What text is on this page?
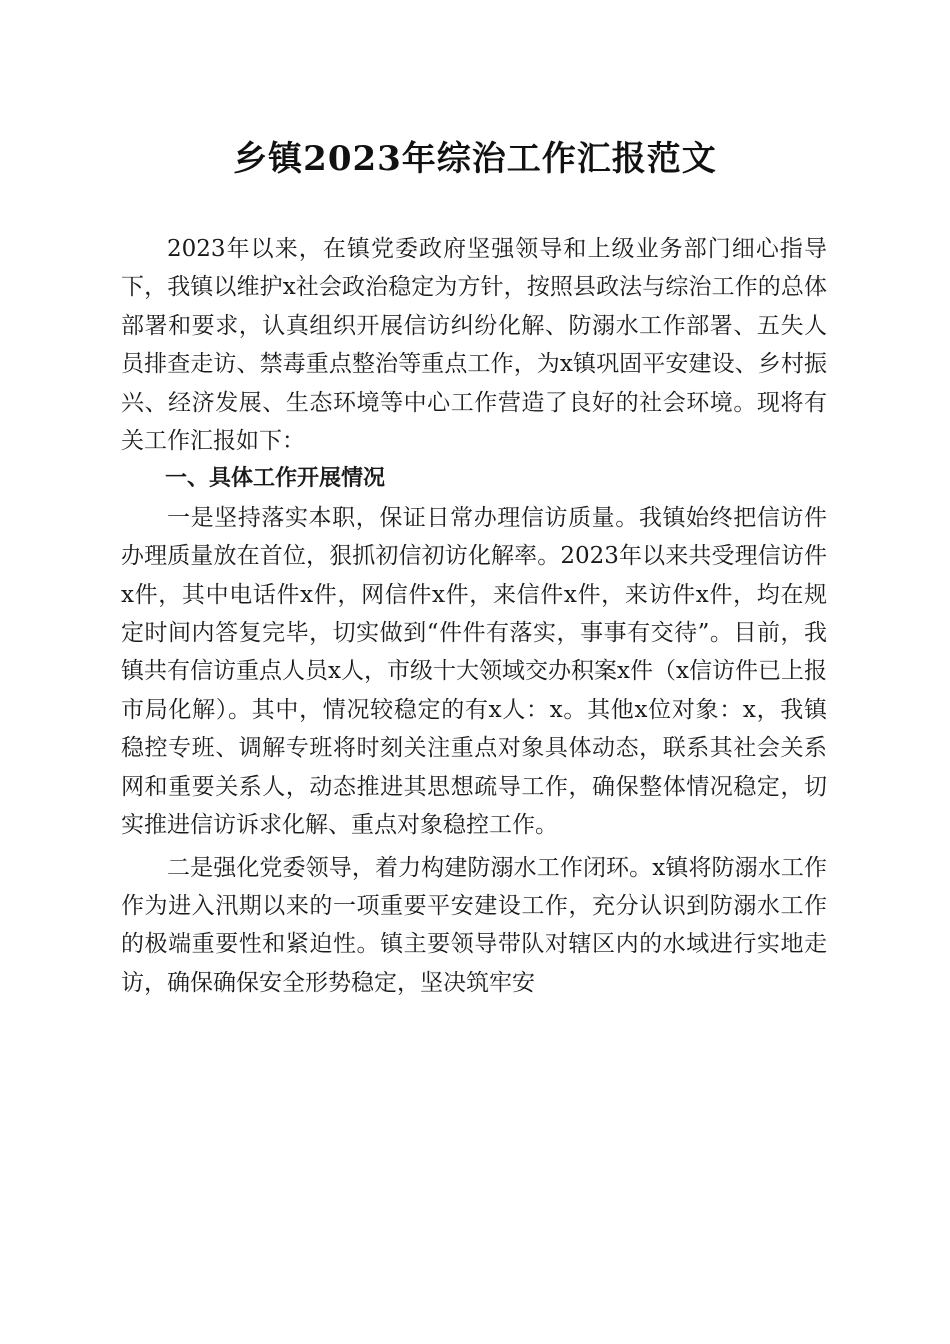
乡镇2023年综治工作汇报范文

2023年以来，在镇党委政府坚强领导和上级业务部门细心指导下，我镇以维护x社会政治稳定为方针，按照县政法与综治工作的总体部署和要求，认真组织开展信访纠纷化解、防溺水工作部署、五失人员排查走访、禁毒重点整治等重点工作，为x镇巩固平安建设、乡村振兴、经济发展、生态环境等中心工作营造了良好的社会环境。现将有关工作汇报如下：

一、具体工作开展情况

一是坚持落实本职，保证日常办理信访质量。我镇始终把信访件办理质量放在首位，狠抓初信初访化解率。2023年以来共受理信访件x件，其中电话件x件，网信件x件，来信件x件，来访件x件，均在规定时间内答复完毕，切实做到“件件有落实，事事有交待”。目前，我镇共有信访重点人员x人，市级十大领域交办积案x件（x信访件已上报市局化解）。其中，情况较稳定的有x人：x。其他x位对象：x，我镇稳控专班、调解专班将时刻关注重点对象具体动态，联系其社会关系网和重要关系人，动态推进其思想疏导工作，确保整体情况稳定，切实推进信访诉求化解、重点对象稳控工作。

二是强化党委领导，着力构建防溺水工作闭环。x镇将防溺水工作作为进入汛期以来的一项重要平安建设工作，充分认识到防溺水工作的极端重要性和紧迫性。镇主要领导带队对辖区内的水域进行实地走访，确保确保安全形势稳定，坚决筑牢安
